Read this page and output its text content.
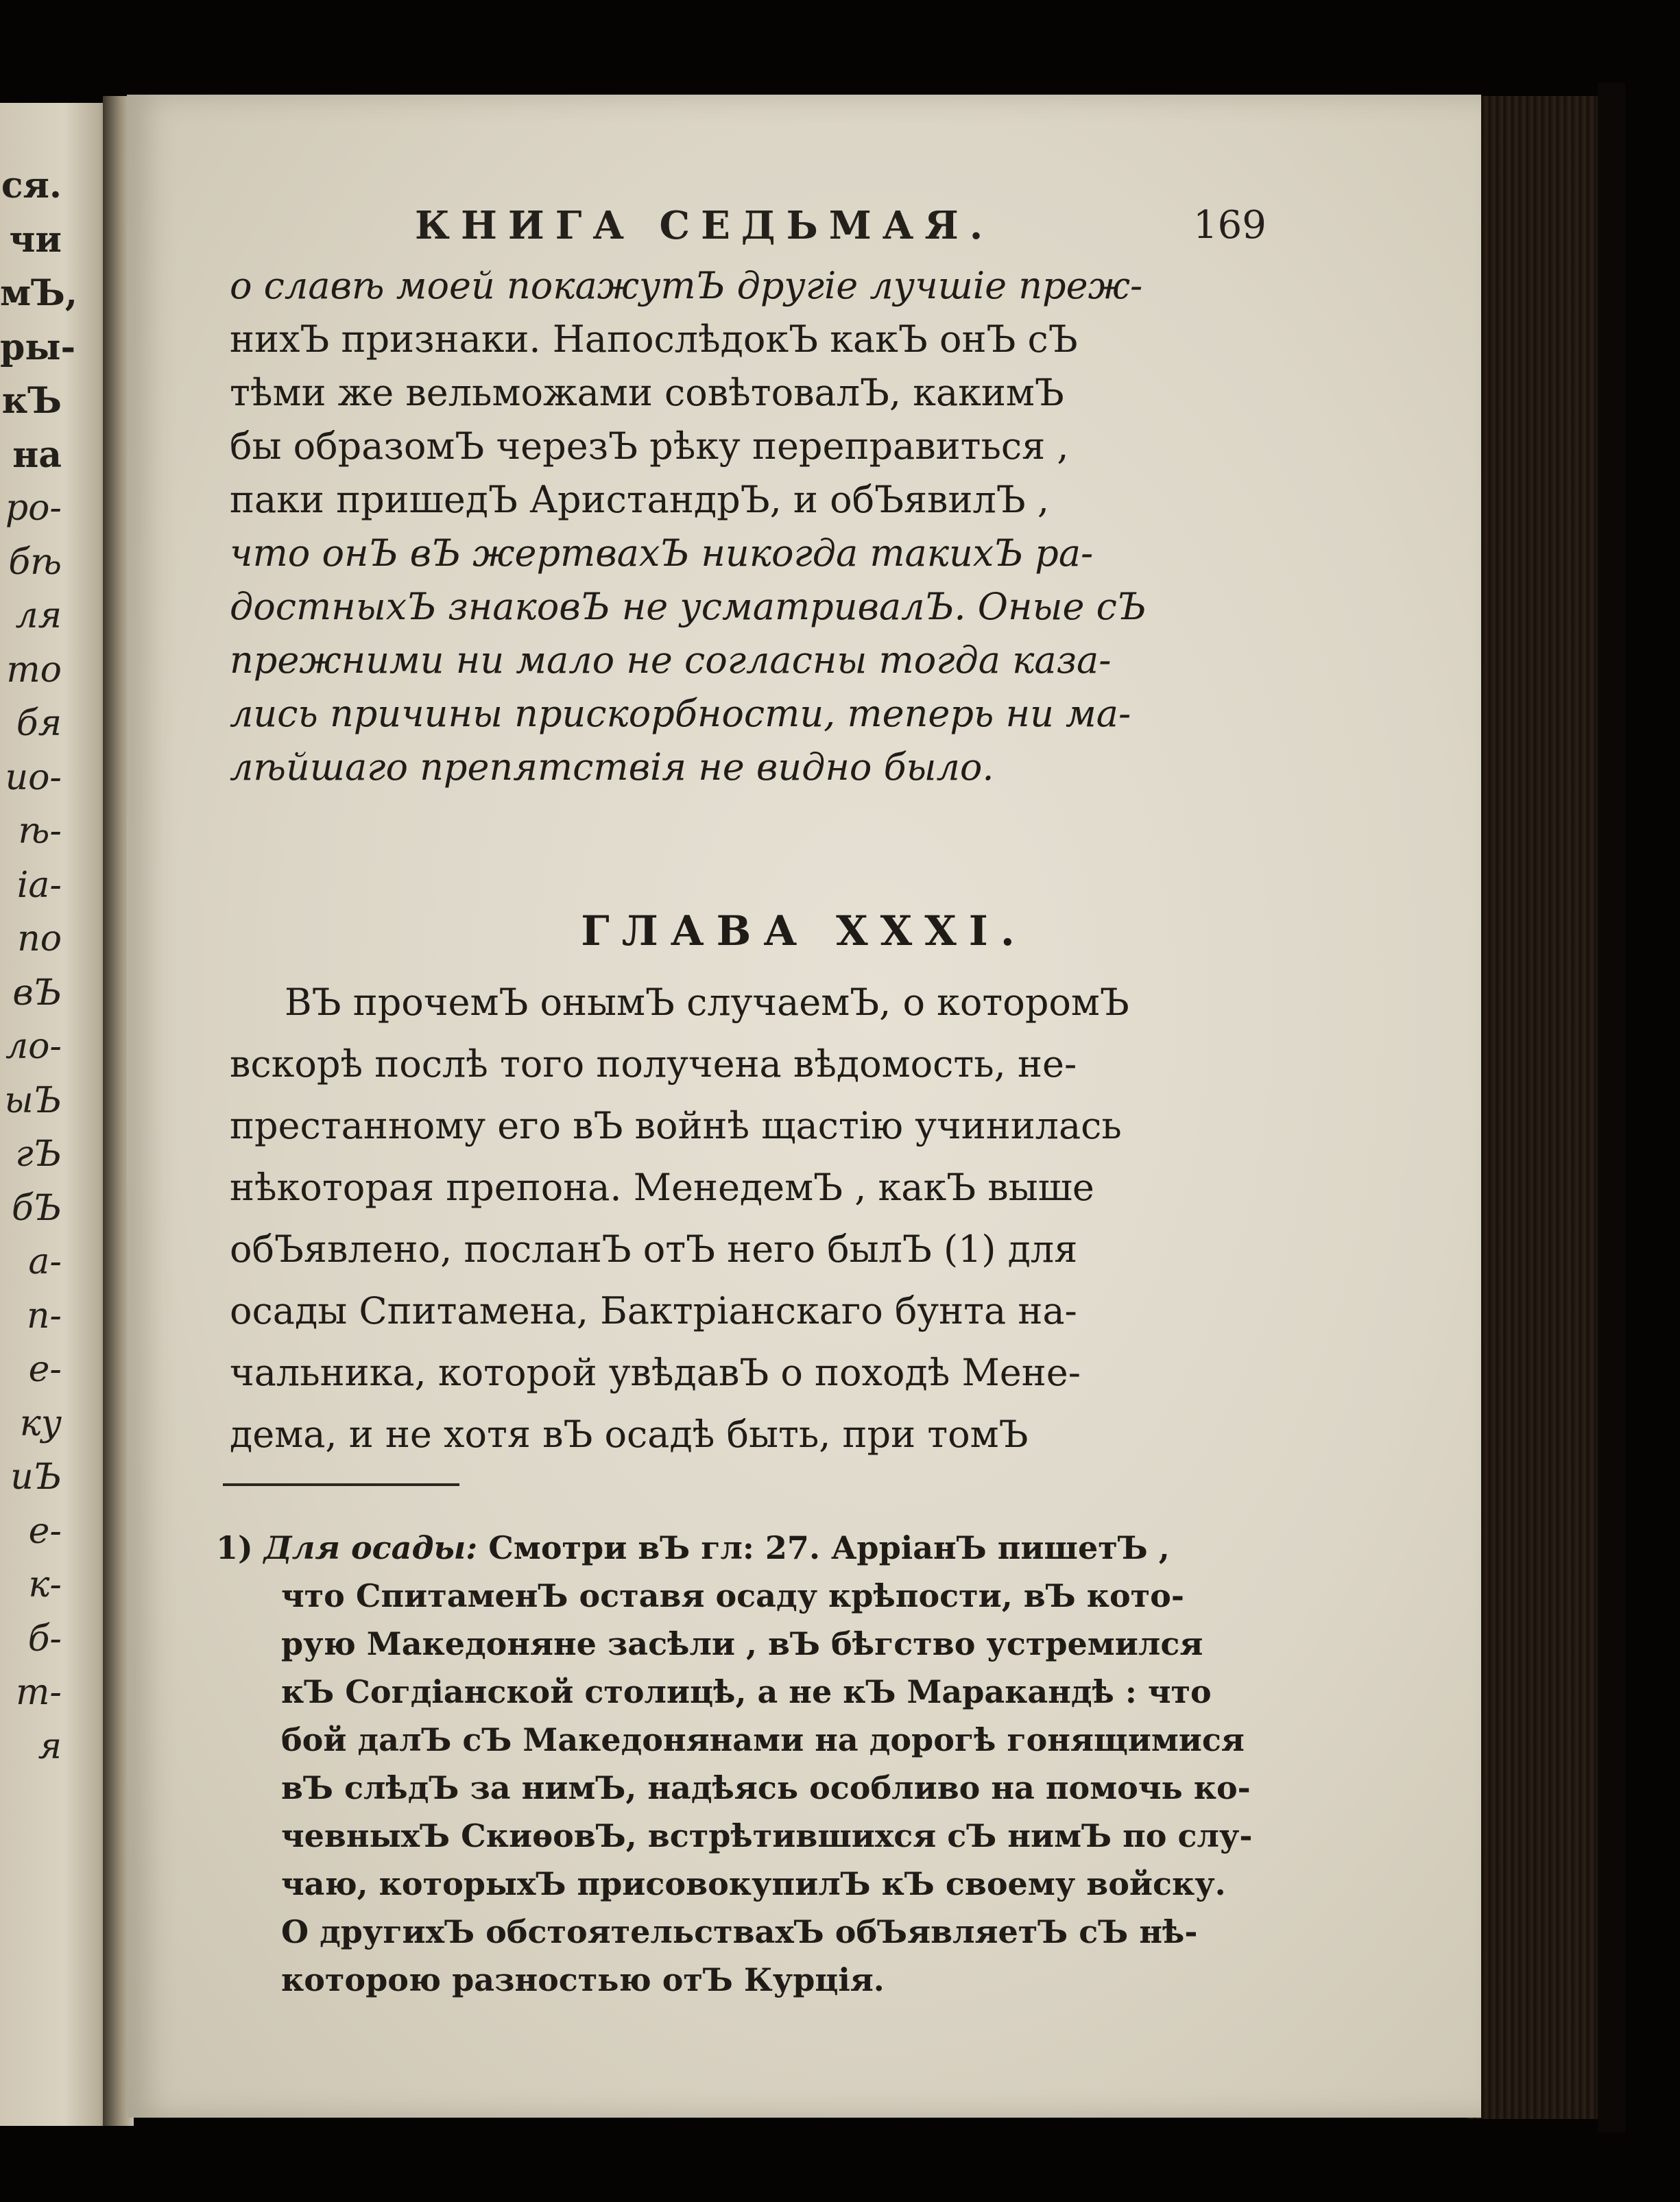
ся.
чи
мЪ,
ры-
кЪ
на
ро-
бѣ
ля
то
бя
ио-
ѣ-
ia-
по
вЪ
ло-
ыЪ
гЪ
бЪ
а-
п-
е-
ку
иЪ
е-
к-
б-
т-
я
КНИГА СЕДЬМАЯ.	169
о славѣ моей покажутЪ другiе лучшiе преж-
нихЪ признаки. НапослѣдокЪ какЪ онЪ сЪ
тѣми же вельможами совѣтовалЪ, какимЪ
бы образомЪ черезЪ рѣку переправиться ,
паки пришедЪ АристандрЪ, и обЪявилЪ ,
что онЪ вЪ жертвахЪ никогда такихЪ ра-
достныхЪ знаковЪ не усматривалЪ. Оные сЪ
прежними ни мало не согласны тогда каза-
лись причины прискорбности, теперь ни ма-
лѣйшаго препятствiя не видно было.
ГЛАВА XXXI.
ВЪ прочемЪ онымЪ случаемЪ, о которомЪ
вскорѣ послѣ того получена вѣдомость, не-
престанному его вЪ войнѣ щастiю учинилась
нѣкоторая препона. МенедемЪ , какЪ выше
обЪявлено, посланЪ отЪ него былЪ (1) для
осады Спитамена, Бактрiанскаго бунта на-
чальника, которой увѣдавЪ о походѣ Мене-
дема, и не хотя вЪ осадѣ быть, при томЪ
1) Для осады: Смотри вЪ гл: 27. АррiанЪ пишетЪ ,
что СпитаменЪ оставя осаду крѣпости, вЪ кото-
рую Македоняне засѣли , вЪ бѣгство устремился
кЪ Согдiанской столицѣ, а не кЪ Маракандѣ : что
бой далЪ сЪ Македонянами на дорогѣ гонящимися
вЪ слѣдЪ за нимЪ, надѣясь особливо на помочь ко-
чевныхЪ СкиѳовЪ, встрѣтившихся сЪ нимЪ по слу-
чаю, которыхЪ присовокупилЪ кЪ своему войску.
О другихЪ обстоятельствахЪ обЪявляетЪ сЪ нѣ-
которою разностью отЪ Курцiя.
